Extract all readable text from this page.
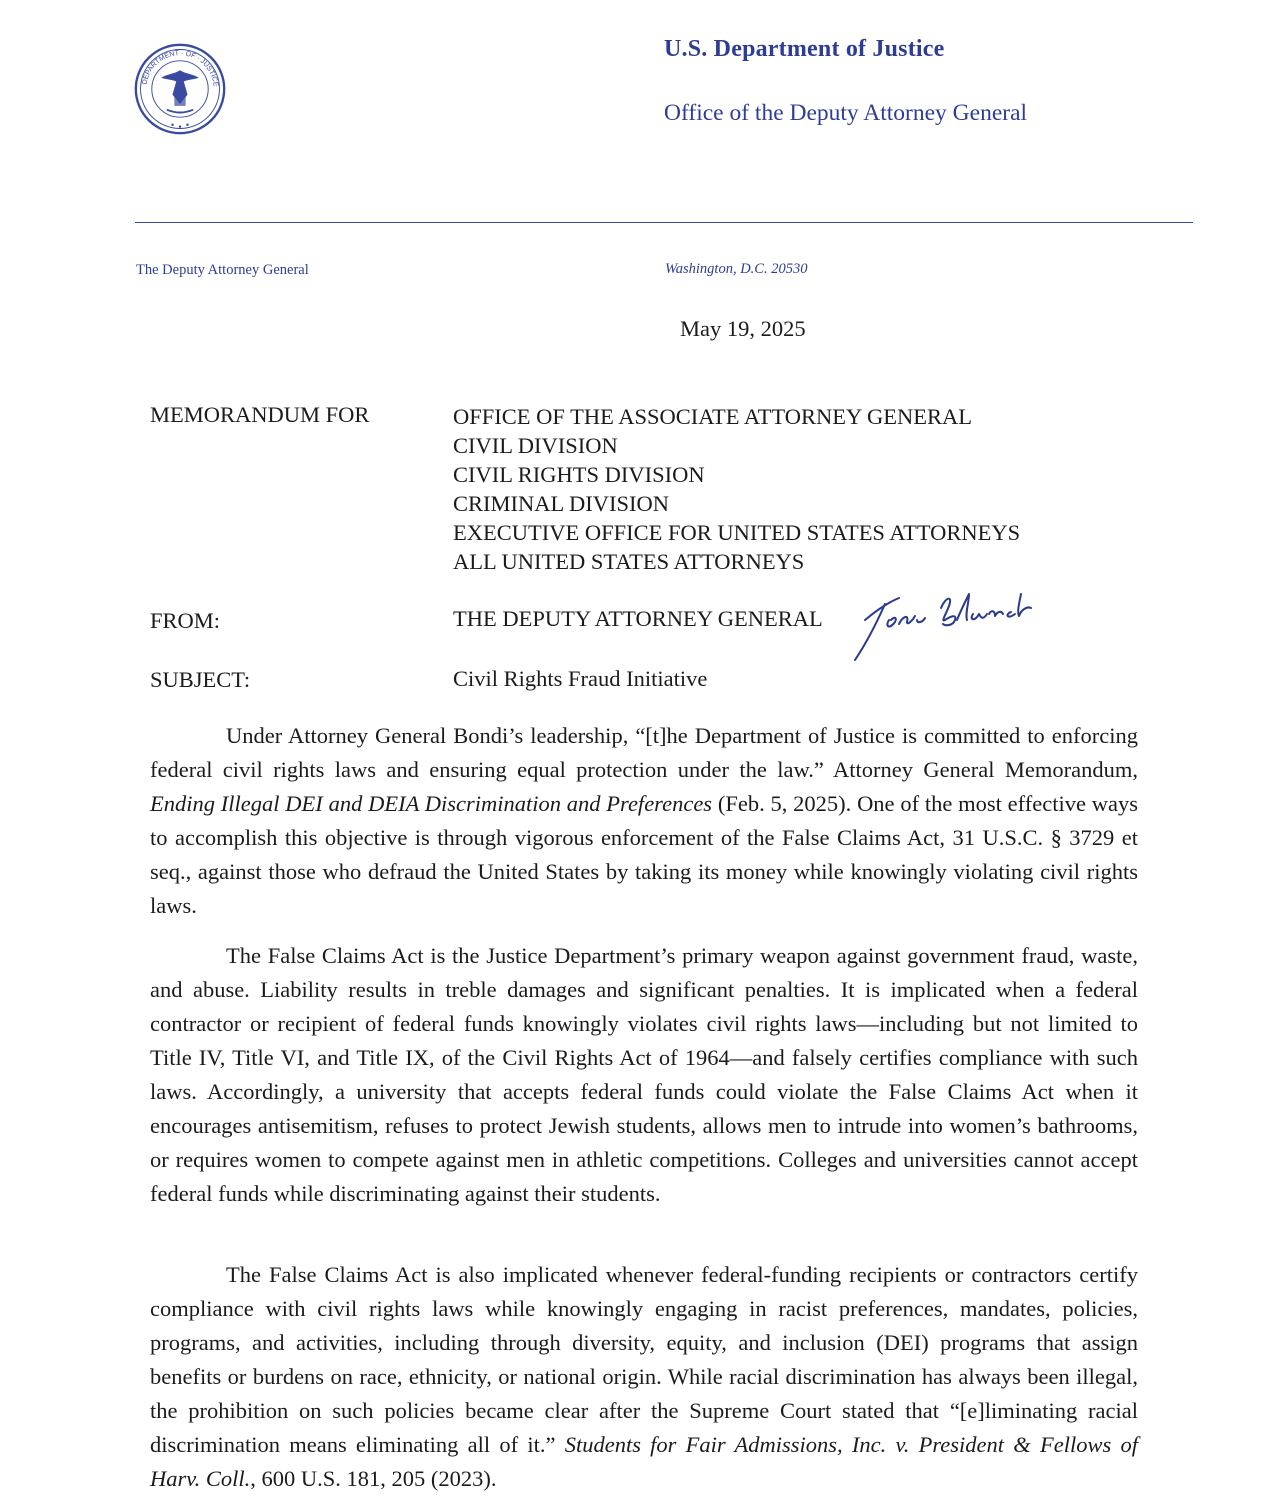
DEPARTMENT · OF · JUSTICE
U.S. Department of Justice
Office of the Deputy Attorney General
The Deputy Attorney General	Washington, D.C. 20530
May 19, 2025
MEMORANDUM FOR	OFFICE OF THE ASSOCIATE ATTORNEY GENERAL
CIVIL DIVISION
CIVIL RIGHTS DIVISION
CRIMINAL DIVISION
EXECUTIVE OFFICE FOR UNITED STATES ATTORNEYS
ALL UNITED STATES ATTORNEYS
FROM:	THE DEPUTY ATTORNEY GENERAL
SUBJECT:	Civil Rights Fraud Initiative

Under Attorney General Bondi’s leadership, “[t]he Department of Justice is committed to enforcing federal civil rights laws and ensuring equal protection under the law.” Attorney General Memorandum, Ending Illegal DEI and DEIA Discrimination and Preferences (Feb. 5, 2025). One of the most effective ways to accomplish this objective is through vigorous enforcement of the False Claims Act, 31 U.S.C. § 3729 et seq., against those who defraud the United States by taking its money while knowingly violating civil rights laws.

The False Claims Act is the Justice Department’s primary weapon against government fraud, waste, and abuse. Liability results in treble damages and significant penalties. It is implicated when a federal contractor or recipient of federal funds knowingly violates civil rights laws—including but not limited to Title IV, Title VI, and Title IX, of the Civil Rights Act of 1964—and falsely certifies compliance with such laws. Accordingly, a university that accepts federal funds could violate the False Claims Act when it encourages antisemitism, refuses to protect Jewish students, allows men to intrude into women’s bathrooms, or requires women to compete against men in athletic competitions. Colleges and universities cannot accept federal funds while discriminating against their students.

The False Claims Act is also implicated whenever federal-funding recipients or contractors certify compliance with civil rights laws while knowingly engaging in racist preferences, mandates, policies, programs, and activities, including through diversity, equity, and inclusion (DEI) programs that assign benefits or burdens on race, ethnicity, or national origin. While racial discrimination has always been illegal, the prohibition on such policies became clear after the Supreme Court stated that “[e]liminating racial discrimination means eliminating all of it.” Students for Fair Admissions, Inc. v. President & Fellows of Harv. Coll., 600 U.S. 181, 205 (2023).
